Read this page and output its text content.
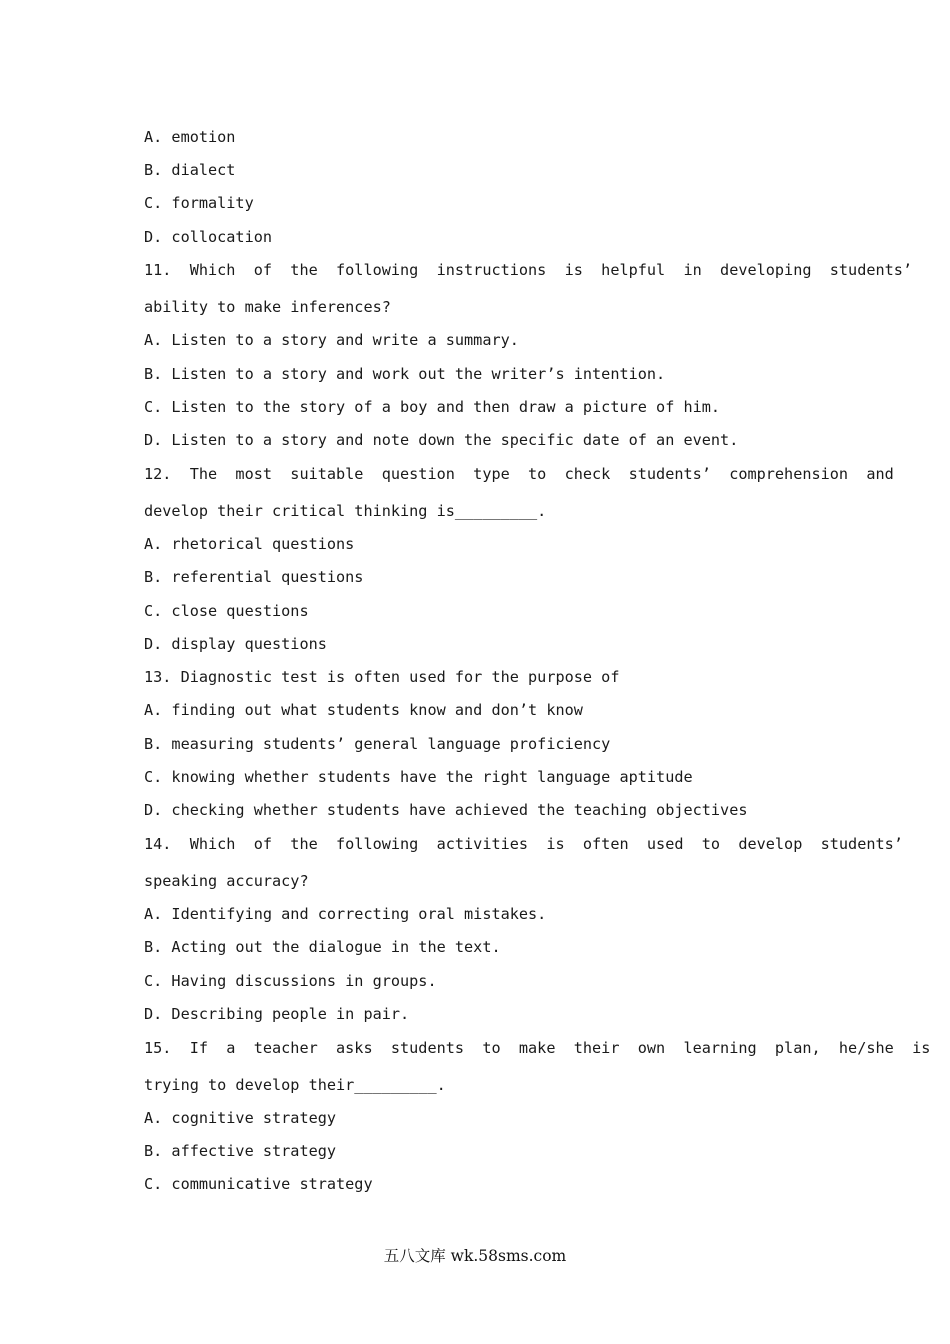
A. emotion
B. dialect
C. formality
D. collocation
11.  Which  of  the  following  instructions  is  helpful  in  developing  students’
ability to make inferences?
A. Listen to a story and write a summary.
B. Listen to a story and work out the writer’s intention.
C. Listen to the story of a boy and then draw a picture of him.
D. Listen to a story and note down the specific date of an event.
12.  The  most  suitable  question  type  to  check  students’  comprehension  and
develop their critical thinking is_________.
A. rhetorical questions
B. referential questions
C. close questions
D. display questions
13. Diagnostic test is often used for the purpose of
A. finding out what students know and don’t know
B. measuring students’ general language proficiency
C. knowing whether students have the right language aptitude
D. checking whether students have achieved the teaching objectives
14.  Which  of  the  following  activities  is  often  used  to  develop  students’
speaking accuracy?
A. Identifying and correcting oral mistakes.
B. Acting out the dialogue in the text.
C. Having discussions in groups.
D. Describing people in pair.
15.  If  a  teacher  asks  students  to  make  their  own  learning  plan,  he/she  is
trying to develop their_________.
A. cognitive strategy
B. affective strategy
C. communicative strategy
五八文库 wk.58sms.com
